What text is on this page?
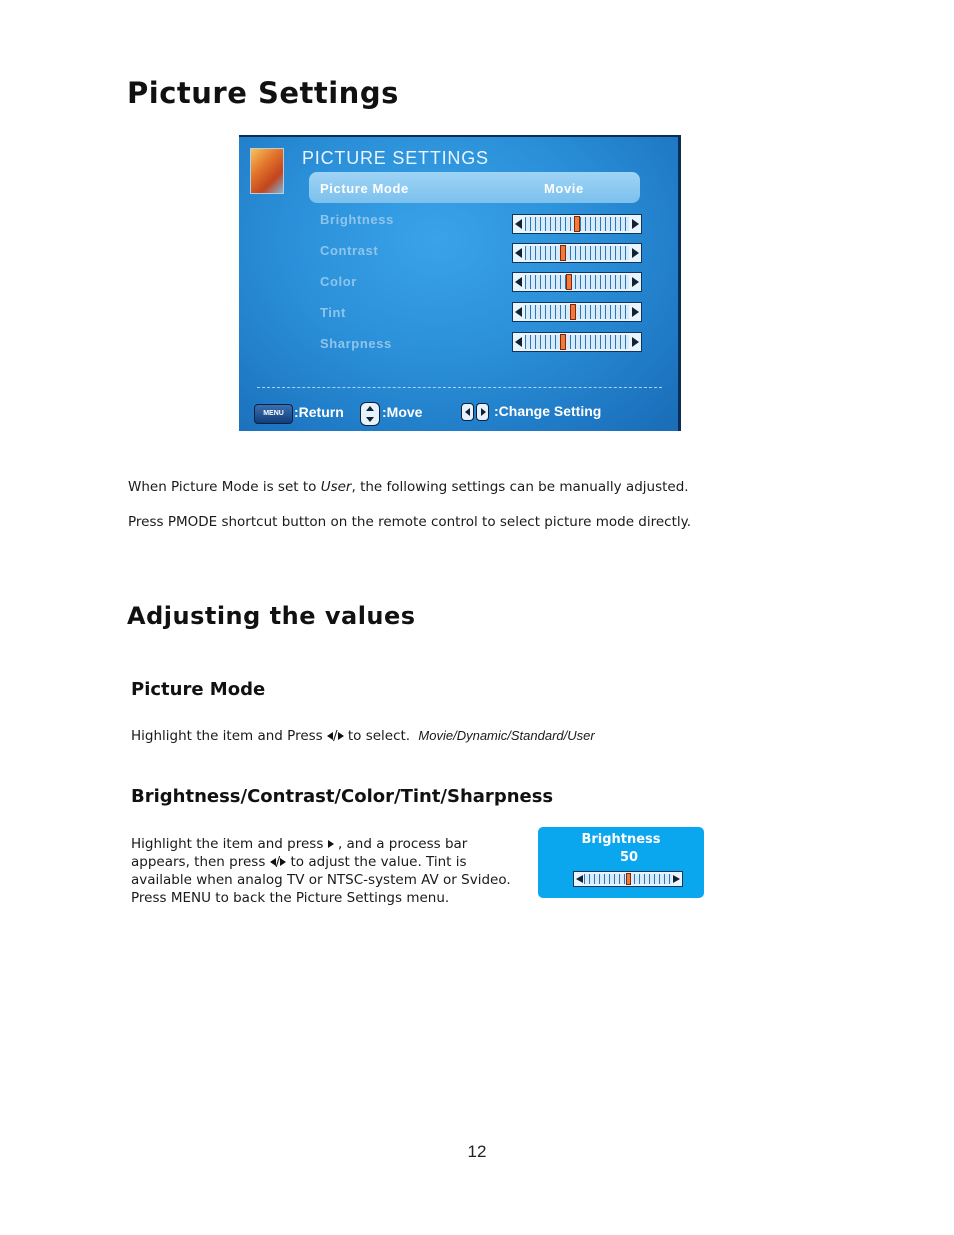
Picture Settings
PICTURE SETTINGS
Picture Mode	Movie
Brightness
Contrast
Color
Tint
Sharpness
MENU :Return	:Move	:Change Setting
When Picture Mode is set to User, the following settings can be manually adjusted.
Press PMODE shortcut button on the remote control to select picture mode directly.
Adjusting the values
Picture Mode
Highlight the item and Press / to select. Movie/Dynamic/Standard/User
Brightness/Contrast/Color/Tint/Sharpness
Highlight the item and press  , and a process bar
appears, then press / to adjust the value. Tint is
available when analog TV or NTSC-system AV or Svideo.
Press MENU to back the Picture Settings menu.
Brightness
50
12
